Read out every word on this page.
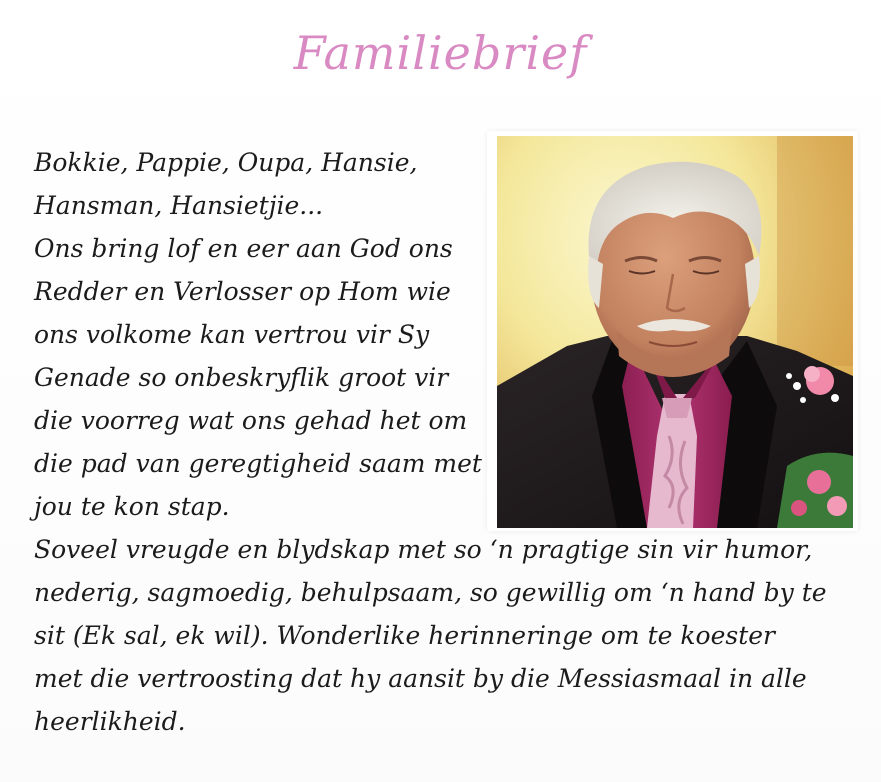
Familiebrief
Bokkie, Pappie, Oupa, Hansie,
Hansman, Hansietjie...
Ons bring lof en eer aan God ons
Redder en Verlosser op Hom wie
ons volkome kan vertrou vir Sy
Genade so onbeskryflik groot vir
die voorreg wat ons gehad het om
die pad van geregtigheid saam met
jou te kon stap.
Soveel vreugde en blydskap met so ‘n pragtige sin vir humor,
nederig, sagmoedig, behulpsaam, so gewillig om ‘n hand by te
sit (Ek sal, ek wil). Wonderlike herinneringe om te koester
met die vertroosting dat hy aansit by die Messiasmaal in alle
heerlikheid.
